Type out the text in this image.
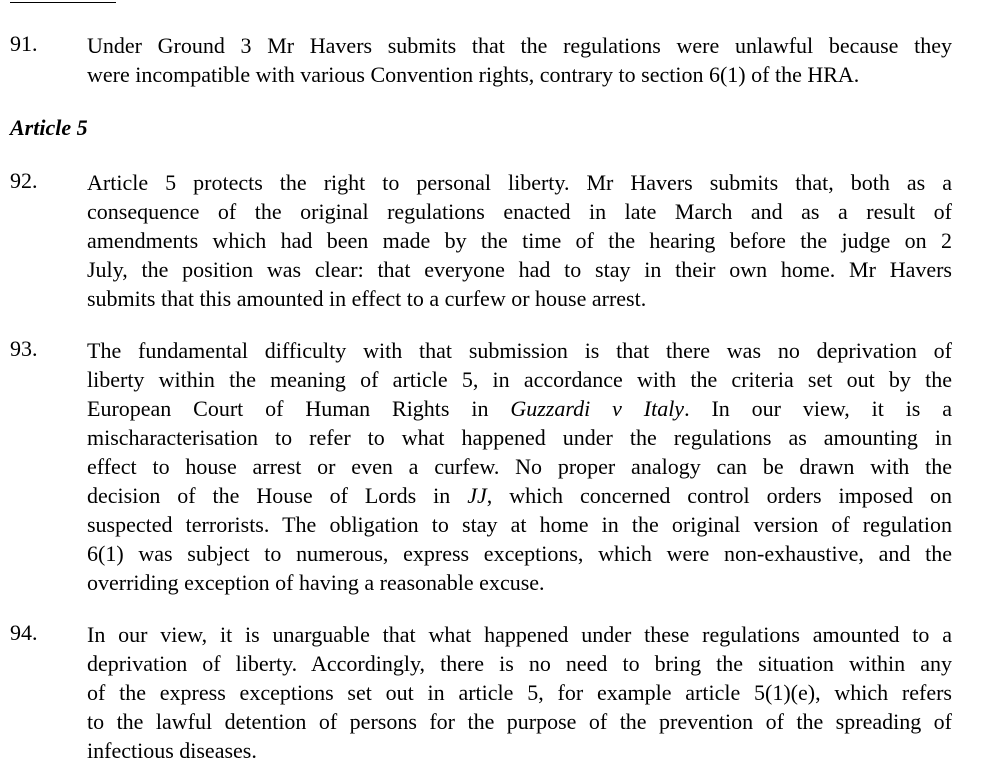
91.	Under Ground 3 Mr Havers submits that the regulations were unlawful because they
were incompatible with various Convention rights, contrary to section 6(1) of the HRA.
Article 5
92.	Article 5 protects the right to personal liberty. Mr Havers submits that, both as a
consequence of the original regulations enacted in late March and as a result of
amendments which had been made by the time of the hearing before the judge on 2
July, the position was clear: that everyone had to stay in their own home. Mr Havers
submits that this amounted in effect to a curfew or house arrest.
93.	The fundamental difficulty with that submission is that there was no deprivation of
liberty within the meaning of article 5, in accordance with the criteria set out by the
European Court of Human Rights in Guzzardi v Italy. In our view, it is a
mischaracterisation to refer to what happened under the regulations as amounting in
effect to house arrest or even a curfew. No proper analogy can be drawn with the
decision of the House of Lords in JJ, which concerned control orders imposed on
suspected terrorists. The obligation to stay at home in the original version of regulation
6(1) was subject to numerous, express exceptions, which were non-exhaustive, and the
overriding exception of having a reasonable excuse.
94.	In our view, it is unarguable that what happened under these regulations amounted to a
deprivation of liberty. Accordingly, there is no need to bring the situation within any
of the express exceptions set out in article 5, for example article 5(1)(e), which refers
to the lawful detention of persons for the purpose of the prevention of the spreading of
infectious diseases.
